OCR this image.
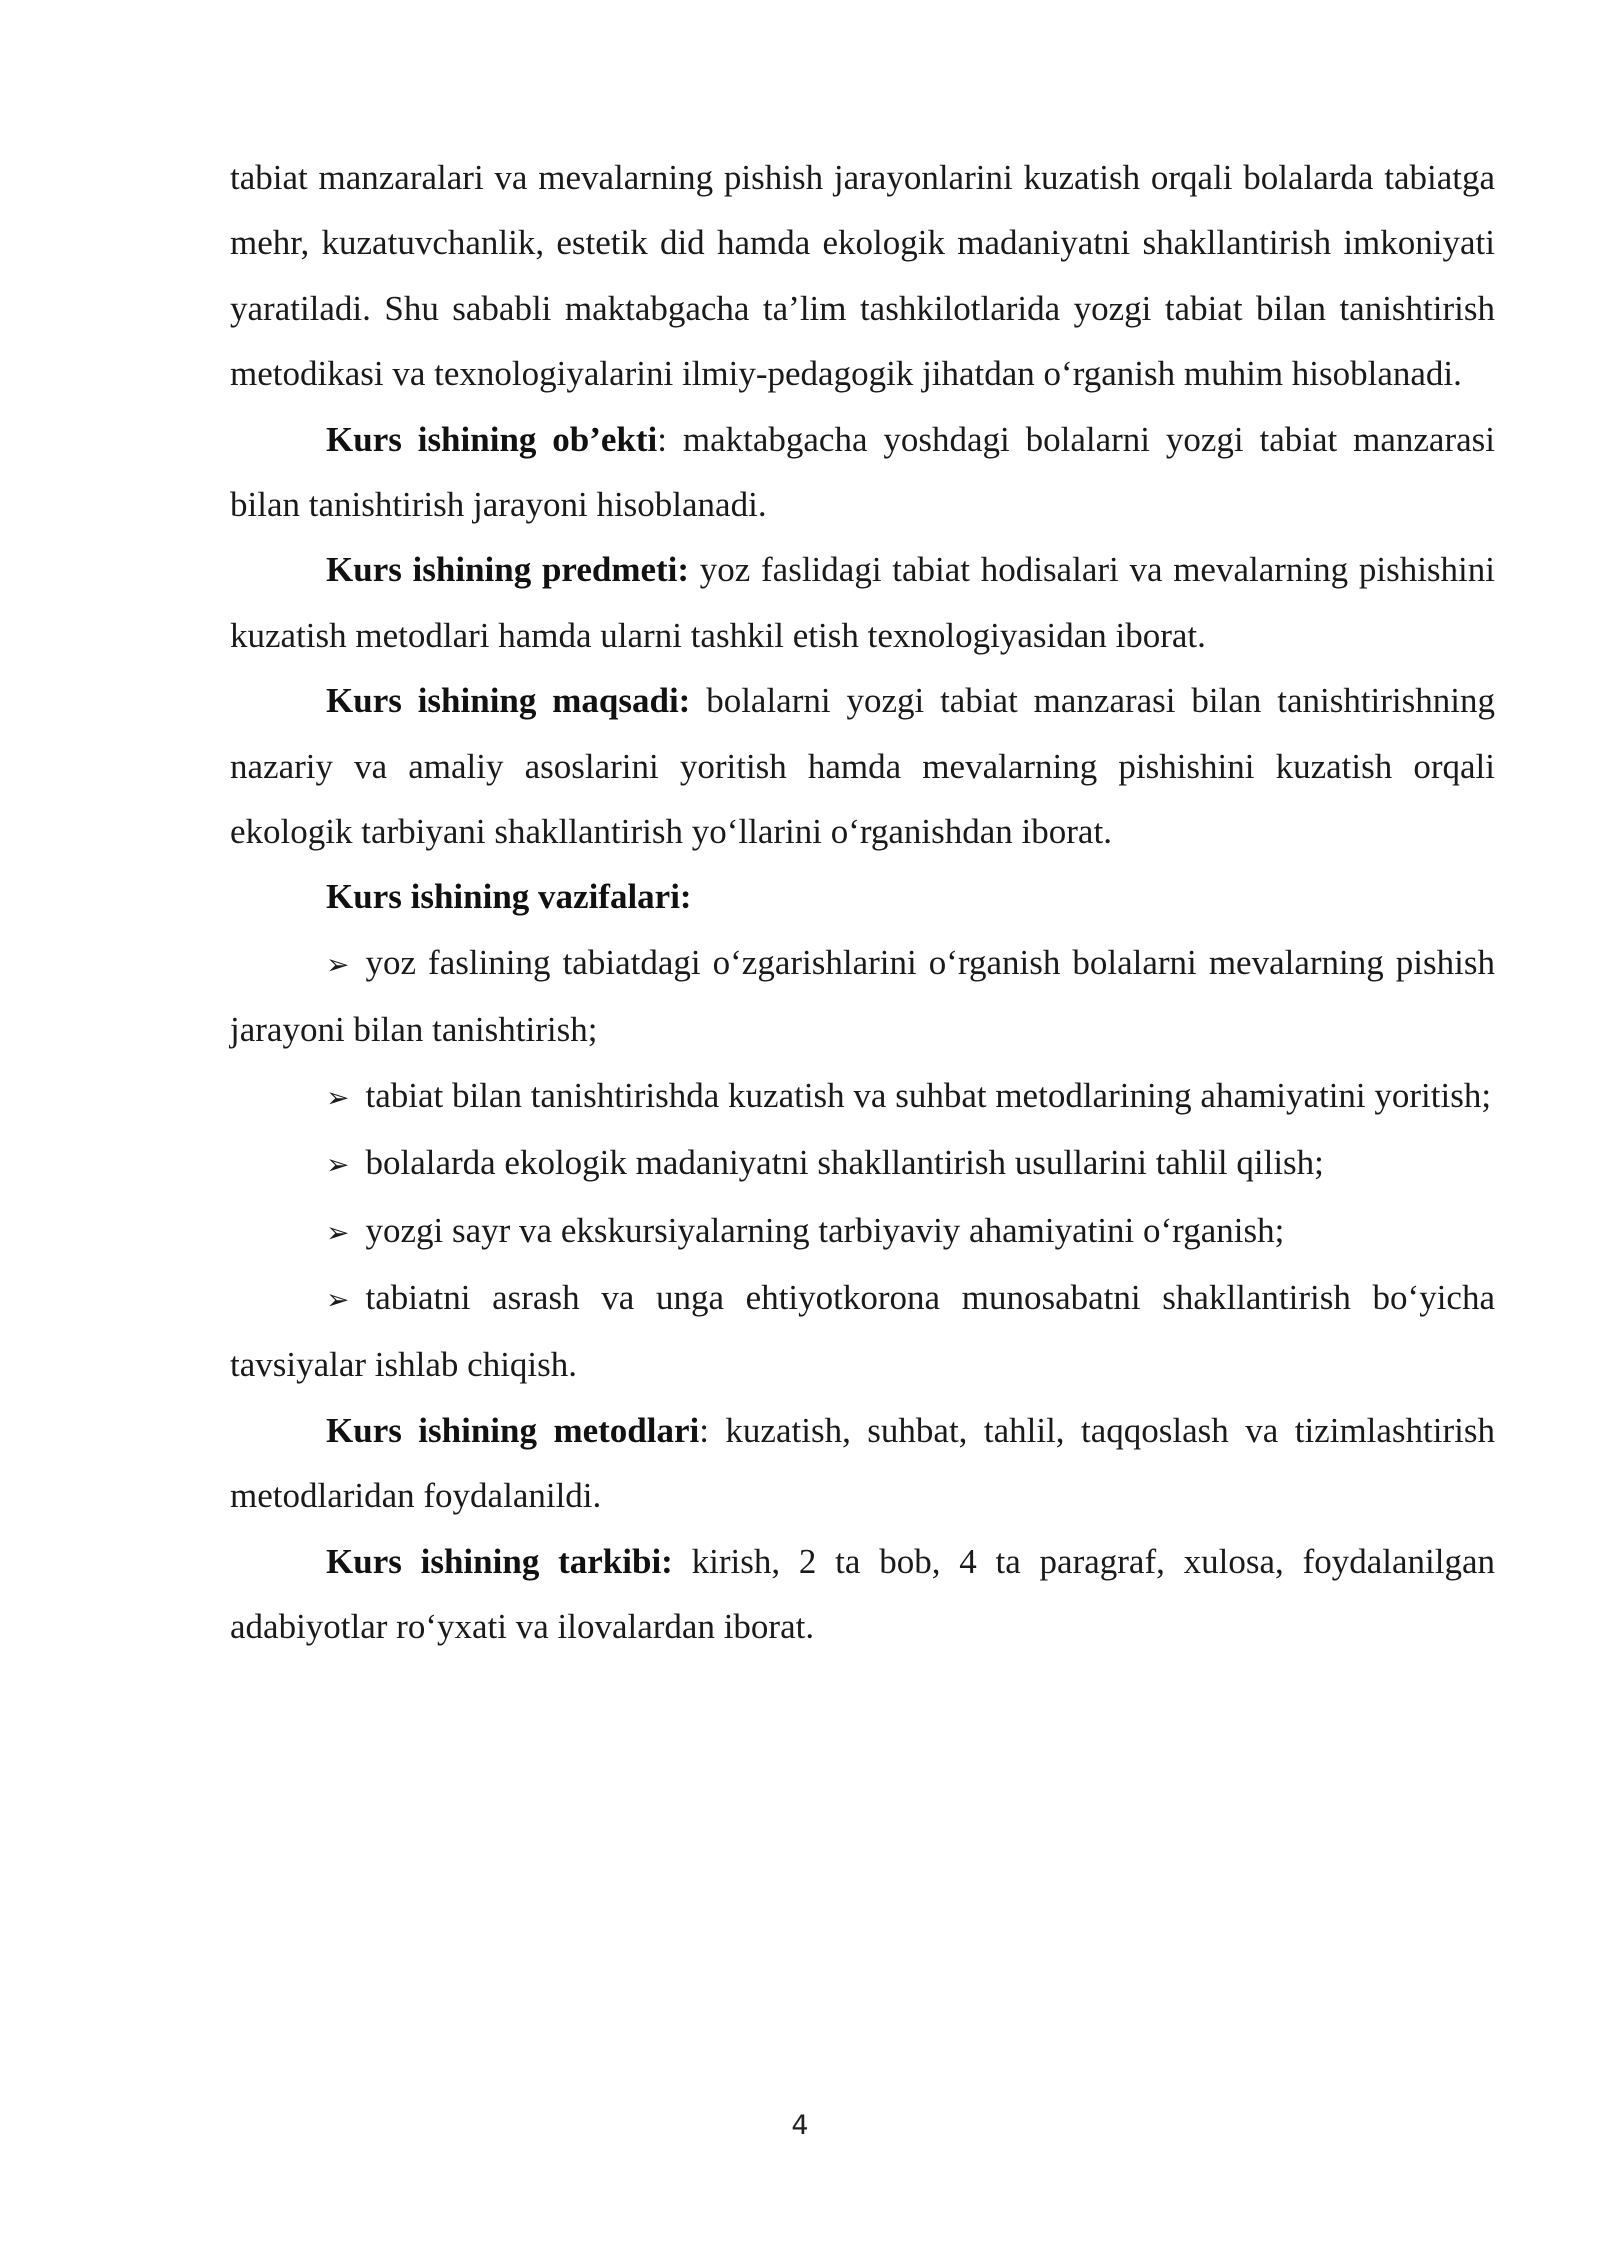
tabiat manzaralari va mevalarning pishish jarayonlarini kuzatish orqali bolalarda tabiatga mehr, kuzatuvchanlik, estetik did hamda ekologik madaniyatni shakllantirish imkoniyati yaratiladi. Shu sababli maktabgacha ta’lim tashkilotlarida yozgi tabiat bilan tanishtirish metodikasi va texnologiyalarini ilmiy-pedagogik jihatdan o‘rganish muhim hisoblanadi.

Kurs ishining ob’ekti: maktabgacha yoshdagi bolalarni yozgi tabiat manzarasi bilan tanishtirish jarayoni hisoblanadi.

Kurs ishining predmeti: yoz faslidagi tabiat hodisalari va mevalarning pishishini kuzatish metodlari hamda ularni tashkil etish texnologiyasidan iborat.

Kurs ishining maqsadi: bolalarni yozgi tabiat manzarasi bilan tanishtirishning nazariy va amaliy asoslarini yoritish hamda mevalarning pishishini kuzatish orqali ekologik tarbiyani shakllantirish yo‘llarini o‘rganishdan iborat.

Kurs ishining vazifalari:

➢ yoz faslining tabiatdagi o‘zgarishlarini o‘rganish bolalarni mevalarning pishish jarayoni bilan tanishtirish;

➢ tabiat bilan tanishtirishda kuzatish va suhbat metodlarining ahamiyatini yoritish;

➢ bolalarda ekologik madaniyatni shakllantirish usullarini tahlil qilish;

➢ yozgi sayr va ekskursiyalarning tarbiyaviy ahamiyatini o‘rganish;

➢ tabiatni asrash va unga ehtiyotkorona munosabatni shakllantirish bo‘yicha tavsiyalar ishlab chiqish.

Kurs ishining metodlari: kuzatish, suhbat, tahlil, taqqoslash va tizimlashtirish metodlaridan foydalanildi.

Kurs ishining tarkibi: kirish, 2 ta bob, 4 ta paragraf, xulosa, foydalanilgan adabiyotlar ro‘yxati va ilovalardan iborat.

4
